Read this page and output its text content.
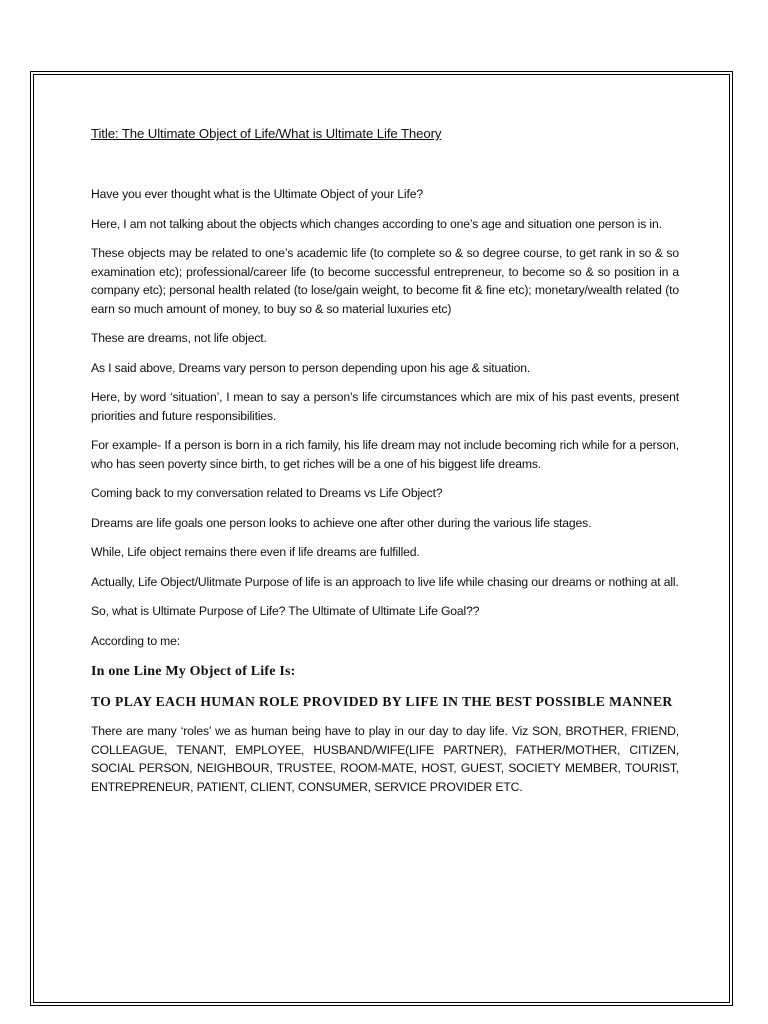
Title: The Ultimate Object of Life/What is Ultimate Life Theory

Have you ever thought what is the Ultimate Object of your Life?

Here, I am not talking about the objects which changes according to one’s age and situation one person is in.

These objects may be related to one’s academic life (to complete so & so degree course, to get rank in so & so examination etc); professional/career life (to become successful entrepreneur, to become so & so position in a company etc); personal health related (to lose/gain weight, to become fit & fine etc); monetary/wealth related (to earn so much amount of money, to buy so & so material luxuries etc)

These are dreams, not life object.

As I said above, Dreams vary person to person depending upon his age & situation.

Here, by word ‘situation’, I mean to say a person’s life circumstances which are mix of his past events, present priorities and future responsibilities.

For example- If a person is born in a rich family, his life dream may not include becoming rich while for a person, who has seen poverty since birth, to get riches will be a one of his biggest life dreams.

Coming back to my conversation related to Dreams vs Life Object?

Dreams are life goals one person looks to achieve one after other during the various life stages.

While, Life object remains there even if life dreams are fulfilled.

Actually, Life Object/Ulitmate Purpose of life is an approach to live life while chasing our dreams or nothing at all.

So, what is Ultimate Purpose of Life? The Ultimate of Ultimate Life Goal??

According to me:

In one Line My Object of Life Is:
TO PLAY EACH HUMAN ROLE PROVIDED BY LIFE IN THE BEST POSSIBLE MANNER

There are many ‘roles’ we as human being have to play in our day to day life. Viz SON, BROTHER, FRIEND, COLLEAGUE, TENANT, EMPLOYEE, HUSBAND/WIFE(LIFE PARTNER), FATHER/MOTHER, CITIZEN, SOCIAL PERSON, NEIGHBOUR, TRUSTEE, ROOM-MATE, HOST, GUEST, SOCIETY MEMBER, TOURIST, ENTREPRENEUR, PATIENT, CLIENT, CONSUMER, SERVICE PROVIDER ETC.
